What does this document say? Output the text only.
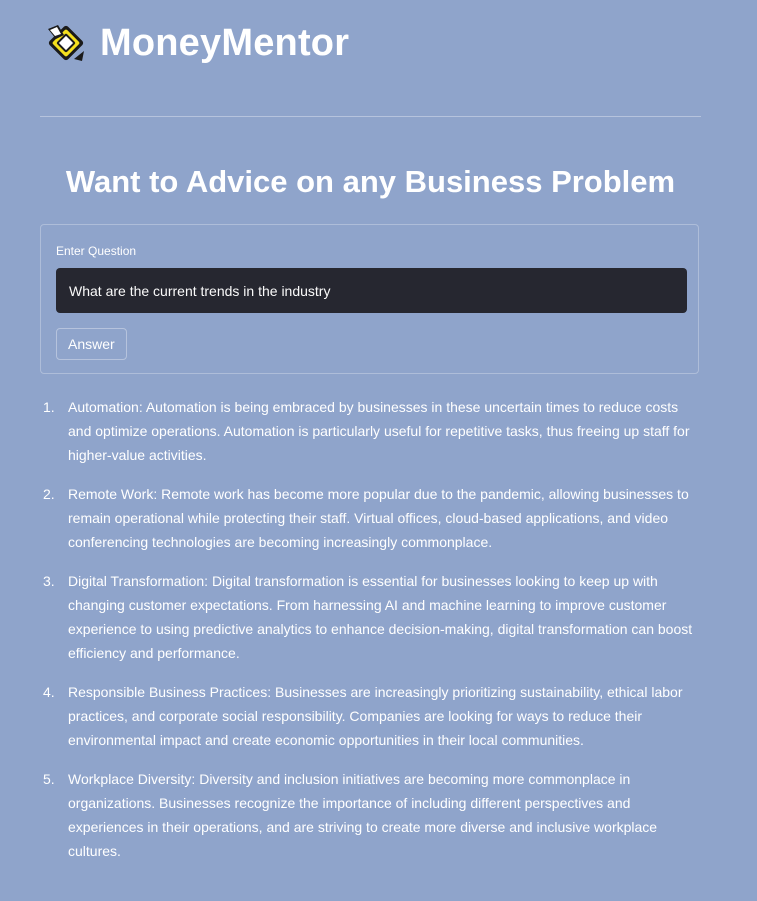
MoneyMentor
Want to Advice on any Business Problem
Enter Question
What are the current trends in the industry
Answer
Automation: Automation is being embraced by businesses in these uncertain times to reduce costs and optimize operations. Automation is particularly useful for repetitive tasks, thus freeing up staff for higher-value activities.
Remote Work: Remote work has become more popular due to the pandemic, allowing businesses to remain operational while protecting their staff. Virtual offices, cloud-based applications, and video conferencing technologies are becoming increasingly commonplace.
Digital Transformation: Digital transformation is essential for businesses looking to keep up with changing customer expectations. From harnessing AI and machine learning to improve customer experience to using predictive analytics to enhance decision-making, digital transformation can boost efficiency and performance.
Responsible Business Practices: Businesses are increasingly prioritizing sustainability, ethical labor practices, and corporate social responsibility. Companies are looking for ways to reduce their environmental impact and create economic opportunities in their local communities.
Workplace Diversity: Diversity and inclusion initiatives are becoming more commonplace in organizations. Businesses recognize the importance of including different perspectives and experiences in their operations, and are striving to create more diverse and inclusive workplace cultures.
